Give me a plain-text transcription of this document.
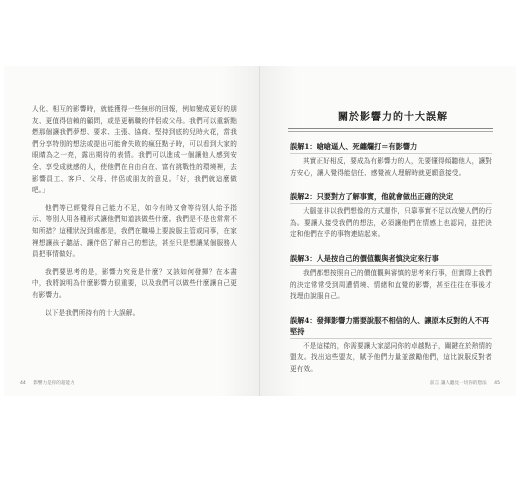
人化、相互的影響時，就能獲得一些無形的回報，例如變成更好的朋友、更值得信賴的顧問，或是更稱職的伴侶或父母。我們可以重新點燃那個讓我們夢想、要求、主張、協商、堅持到底的兒時火花，當我們分享特別的想法或提出可能會失敗的瘋狂點子時，可以看到大家的眼睛為之一亮，露出期待的表情。我們可以進成一個讓他人感到安全、享受成就感的人，使他們在自由自在、富有挑戰性的環境裡，去影響員工、客戶、父母、伴侶或朋友的意見。「好，我們就這麼做吧。」

他們等已經覺得自己能力不足，如今有時又會等待別人給予指示、等別人用各種形式讓他們知道該做些什麼。我們是不是也常常不知所措？這種狀況到處都是，我們在職場上要說服主管或同事，在家裡想讓孩子聽話、讓伴侶了解自己的想法，甚至只是想讓某個服務人員把事情做好。

我們要思考的是，影響力究竟是什麼？又該如何發揮？在本書中，我將說明為什麼影響力很重要，以及我們可以做些什麼讓自己更有影響力。

以下是我們所持有的十大誤解。

44 影響力是你的超能力
關於影響力的十大誤解
誤解1：嗆嗆逼人、死纏爛打＝有影響力

其實正好相反，要成為有影響力的人，先要懂得傾聽他人，讓對方安心，讓人覺得能信任、感覺被人理解時就更願意接受。

誤解2：只要對方了解事實，他就會做出正確的決定

大腦並非以我們想像的方式運作，只靠事實不足以改變人們的行為。要讓人接受我們的想法，必須讓他們在情感上也認同，並把決定和他們在乎的事物連結起來。

誤解3：人是按自己的價值觀與者慎決定來行事

我們都想按照自己的價值觀與審慎的思考來行事，但實際上我們的決定常常受到周遭情境、情緒和直覺的影響，甚至往往在事後才找理由說服自己。

誤解4：發揮影響力需要說服不相信的人、讓原本反對的人不再堅持

不是這樣的，你需要讓大家認同你的卓越點子，關鍵在於熱情的盟友。找出這些盟友，賦予他們力量並激勵他們，這比說服反對者更有效。

前言 讓人聽見一切你的想法 45
